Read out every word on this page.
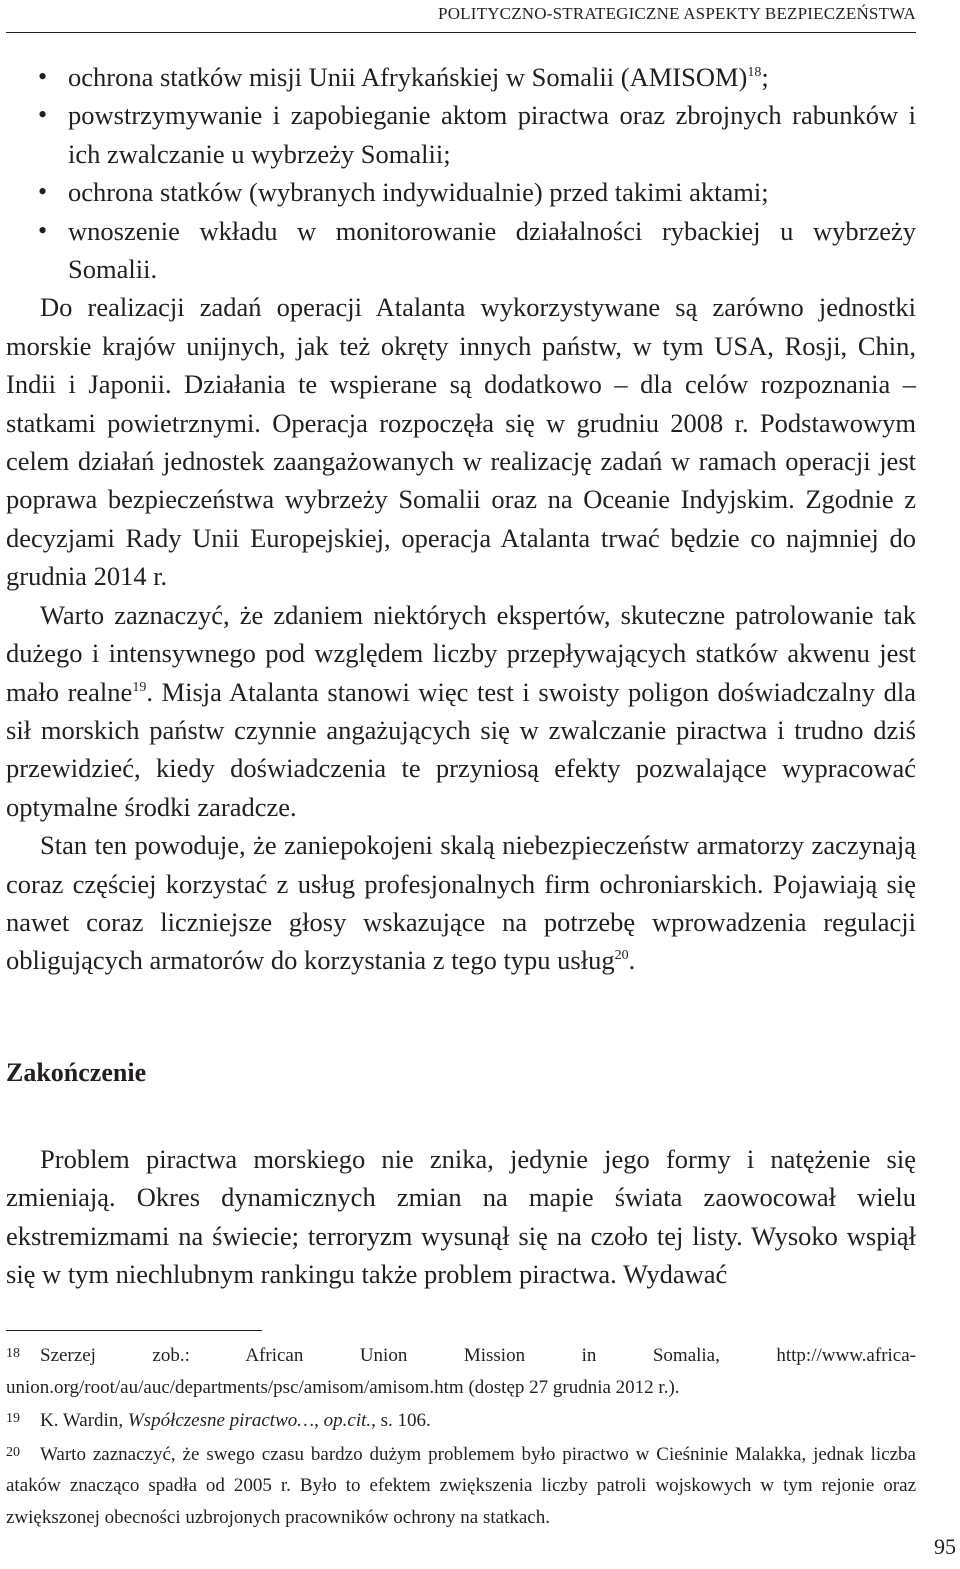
POLITYCZNO-STRATEGICZNE ASPEKTY BEZPIECZEŃSTWA
• ochrona statków misji Unii Afrykańskiej w Somalii (AMISOM)$^{18}$;
• powstrzymywanie i zapobieganie aktom piractwa oraz zbrojnych rabunków i ich zwalczanie u wybrzeży Somalii;
• ochrona statków (wybranych indywidualnie) przed takimi aktami;
• wnoszenie wkładu w monitorowanie działalności rybackiej u wybrzeży Somalii.

Do realizacji zadań operacji Atalanta wykorzystywane są zarówno jednostki morskie krajów unijnych, jak też okręty innych państw, w tym USA, Rosji, Chin, Indii i Japonii. Działania te wspierane są dodatkowo – dla celów rozpoznania – statkami powietrznymi. Operacja rozpoczęła się w grudniu 2008 r. Podstawowym celem działań jednostek zaangażowanych w realizację zadań w ramach operacji jest poprawa bezpieczeństwa wybrzeży Somalii oraz na Oceanie Indyjskim. Zgodnie z decyzjami Rady Unii Europejskiej, operacja Atalanta trwać będzie co najmniej do grudnia 2014 r.

Warto zaznaczyć, że zdaniem niektórych ekspertów, skuteczne patrolowanie tak dużego i intensywnego pod względem liczby przepływających statków akwenu jest mało realne$^{19}$. Misja Atalanta stanowi więc test i swoisty poligon doświadczalny dla sił morskich państw czynnie angażujących się w zwalczanie piractwa i trudno dziś przewidzieć, kiedy doświadczenia te przyniosą efekty pozwalające wypracować optymalne środki zaradcze.

Stan ten powoduje, że zaniepokojeni skalą niebezpieczeństw armatorzy zaczynają coraz częściej korzystać z usług profesjonalnych firm ochroniarskich. Pojawiają się nawet coraz liczniejsze głosy wskazujące na potrzebę wprowadzenia regulacji obligujących armatorów do korzystania z tego typu usług$^{20}$.

Zakończenie

Problem piractwa morskiego nie znika, jedynie jego formy i natężenie się zmieniają. Okres dynamicznych zmian na mapie świata zaowocował wielu ekstremizmami na świecie; terroryzm wysunął się na czoło tej listy. Wysoko wspiął się w tym niechlubnym rankingu także problem piractwa. Wydawać

18 Szerzej zob.: African Union Mission in Somalia, http://www.africa-union.org/root/au/auc/departments/psc/amisom/amisom.htm (dostęp 27 grudnia 2012 r.).

19 K. Wardin, Współczesne piractwo…, op.cit., s. 106.

20 Warto zaznaczyć, że swego czasu bardzo dużym problemem było piractwo w Cieśninie Malakka, jednak liczba ataków znacząco spadła od 2005 r. Było to efektem zwiększenia liczby patroli wojskowych w tym rejonie oraz zwiększonej obecności uzbrojonych pracowników ochrony na statkach.

95
